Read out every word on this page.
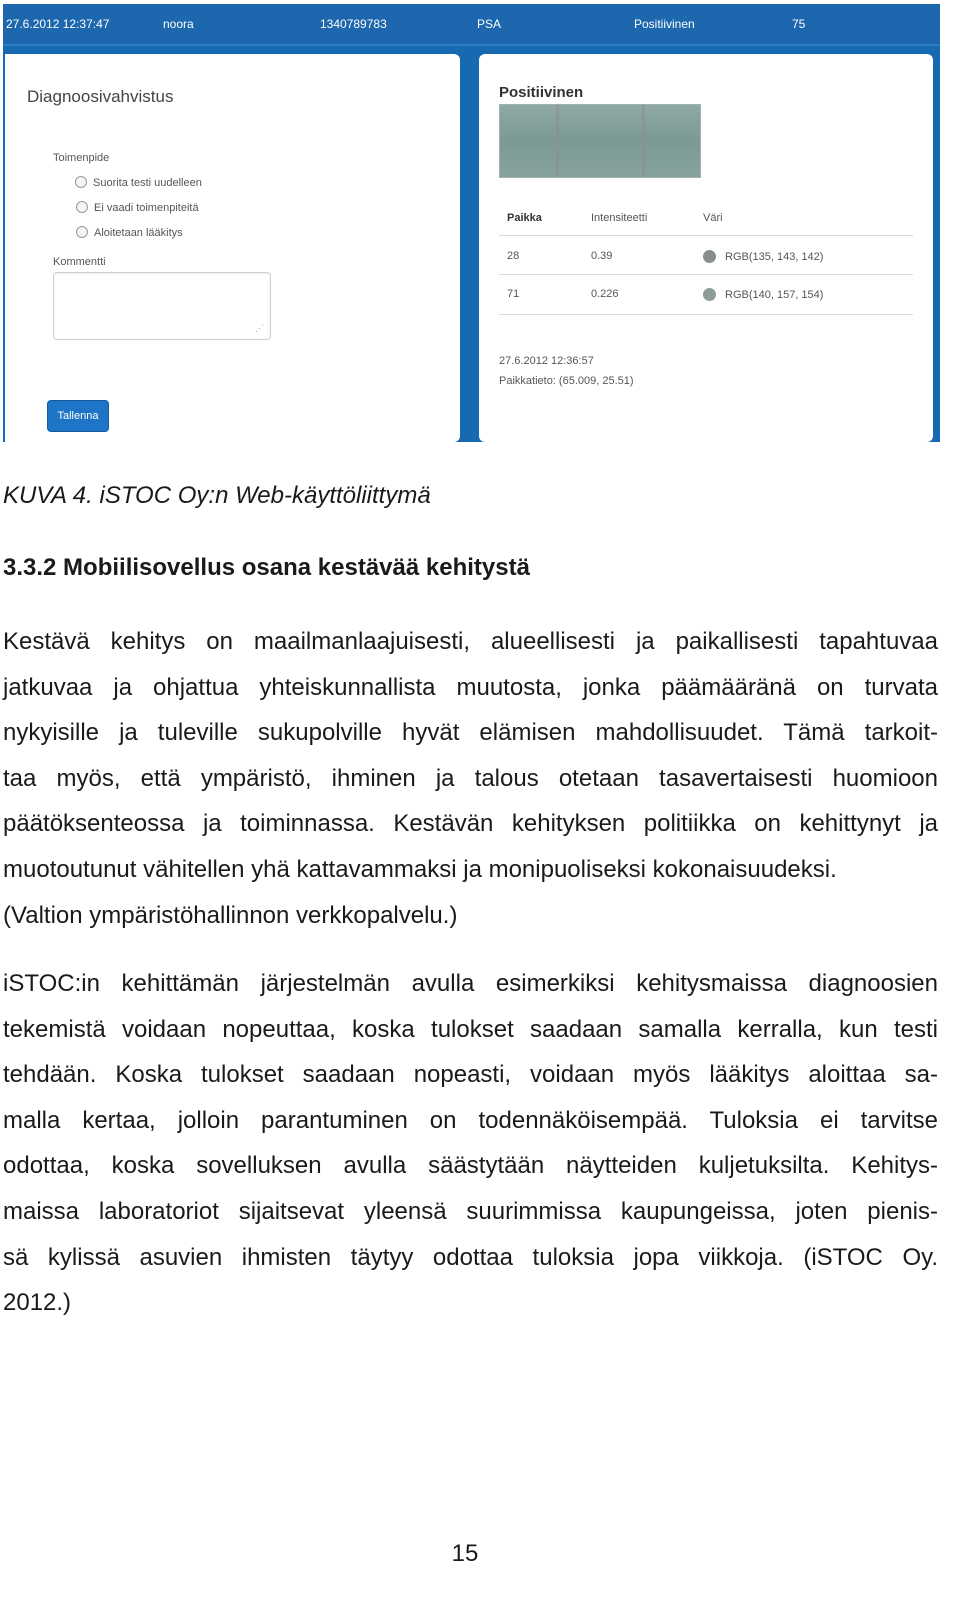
27.6.2012 12:37:47	noora	1340789783	PSA	Positiivinen	75
Diagnoosivahvistus
Toimenpide
Suorita testi uudelleen
Ei vaadi toimenpiteitä
Aloitetaan lääkitys
Kommentti
⋰
Tallenna
Positiivinen
Paikka	Intensiteetti	Väri
28	0.39	RGB(135, 143, 142)
71	0.226	RGB(140, 157, 154)
27.6.2012 12:36:57
Paikkatieto: (65.009, 25.51)
KUVA 4. iSTOC Oy:n Web-käyttöliittymä
3.3.2 Mobiilisovellus osana kestävää kehitystä
Kestävä kehitys on maailmanlaajuisesti, alueellisesti ja paikallisesti tapahtuvaa
jatkuvaa ja ohjattua yhteiskunnallista muutosta, jonka päämääränä on turvata
nykyisille ja tuleville sukupolville hyvät elämisen mahdollisuudet. Tämä tarkoit-
taa myös, että ympäristö, ihminen ja talous otetaan tasavertaisesti huomioon
päätöksenteossa ja toiminnassa. Kestävän kehityksen politiikka on kehittynyt ja
muotoutunut vähitellen yhä kattavammaksi ja monipuoliseksi kokonaisuudeksi.
(Valtion ympäristöhallinnon verkkopalvelu.)
iSTOC:in kehittämän järjestelmän avulla esimerkiksi kehitysmaissa diagnoosien
tekemistä voidaan nopeuttaa, koska tulokset saadaan samalla kerralla, kun testi
tehdään. Koska tulokset saadaan nopeasti, voidaan myös lääkitys aloittaa sa-
malla kertaa, jolloin parantuminen on todennäköisempää. Tuloksia ei tarvitse
odottaa, koska sovelluksen avulla säästytään näytteiden kuljetuksilta. Kehitys-
maissa laboratoriot sijaitsevat yleensä suurimmissa kaupungeissa, joten pienis-
sä kylissä asuvien ihmisten täytyy odottaa tuloksia jopa viikkoja. (iSTOC Oy.
2012.)
15
